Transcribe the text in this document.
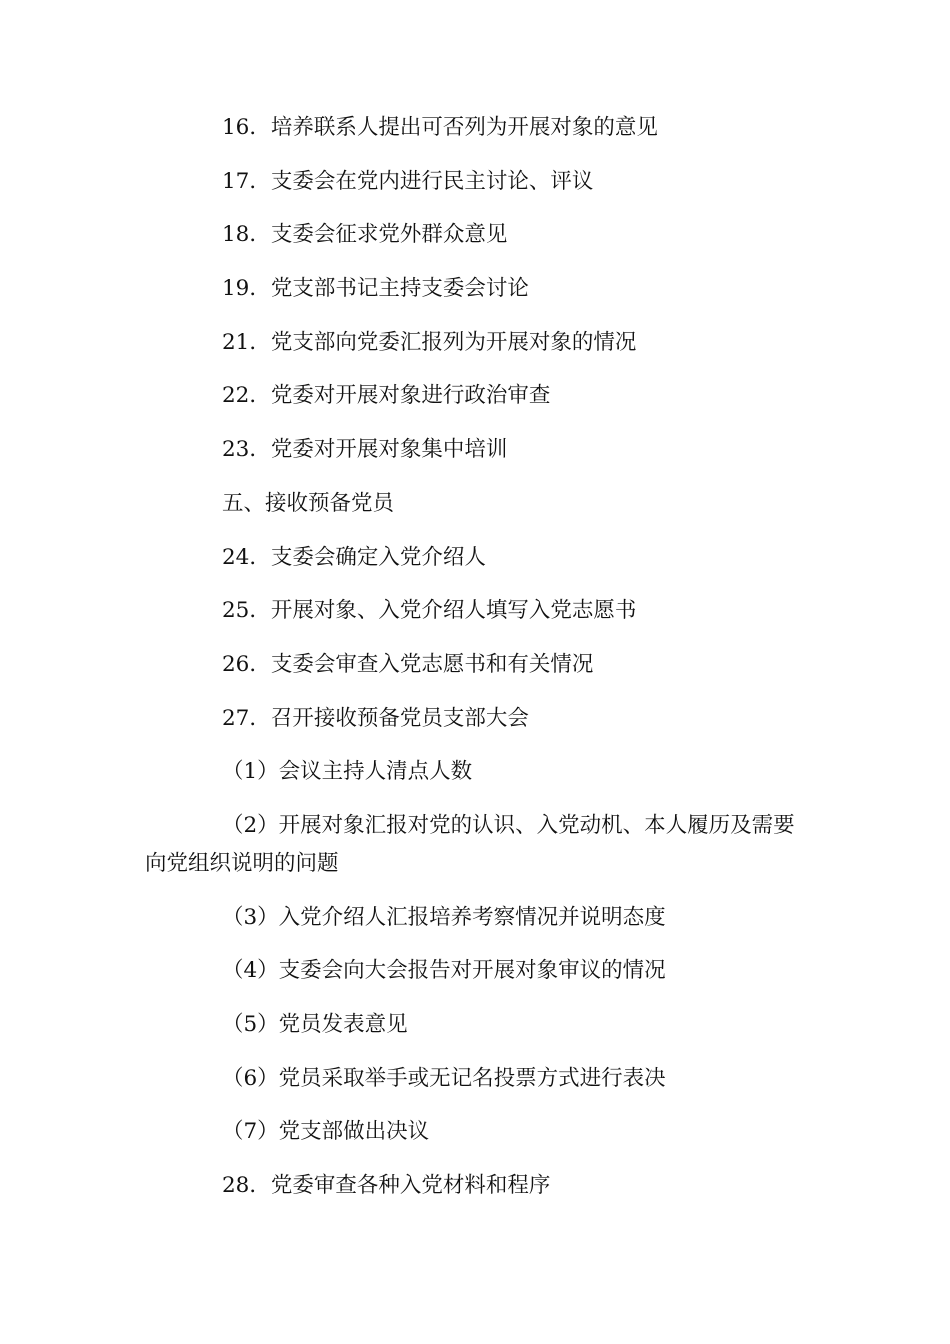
16．培养联系人提出可否列为开展对象的意见

17．支委会在党内进行民主讨论、评议

18．支委会征求党外群众意见

19．党支部书记主持支委会讨论

21．党支部向党委汇报列为开展对象的情况

22．党委对开展对象进行政治审查

23．党委对开展对象集中培训

五、接收预备党员

24．支委会确定入党介绍人

25．开展对象、入党介绍人填写入党志愿书

26．支委会审查入党志愿书和有关情况

27．召开接收预备党员支部大会

（1）会议主持人清点人数

（2）开展对象汇报对党的认识、入党动机、本人履历及需要
向党组织说明的问题

（3）入党介绍人汇报培养考察情况并说明态度

（4）支委会向大会报告对开展对象审议的情况

（5）党员发表意见

（6）党员采取举手或无记名投票方式进行表决

（7）党支部做出决议

28．党委审查各种入党材料和程序
